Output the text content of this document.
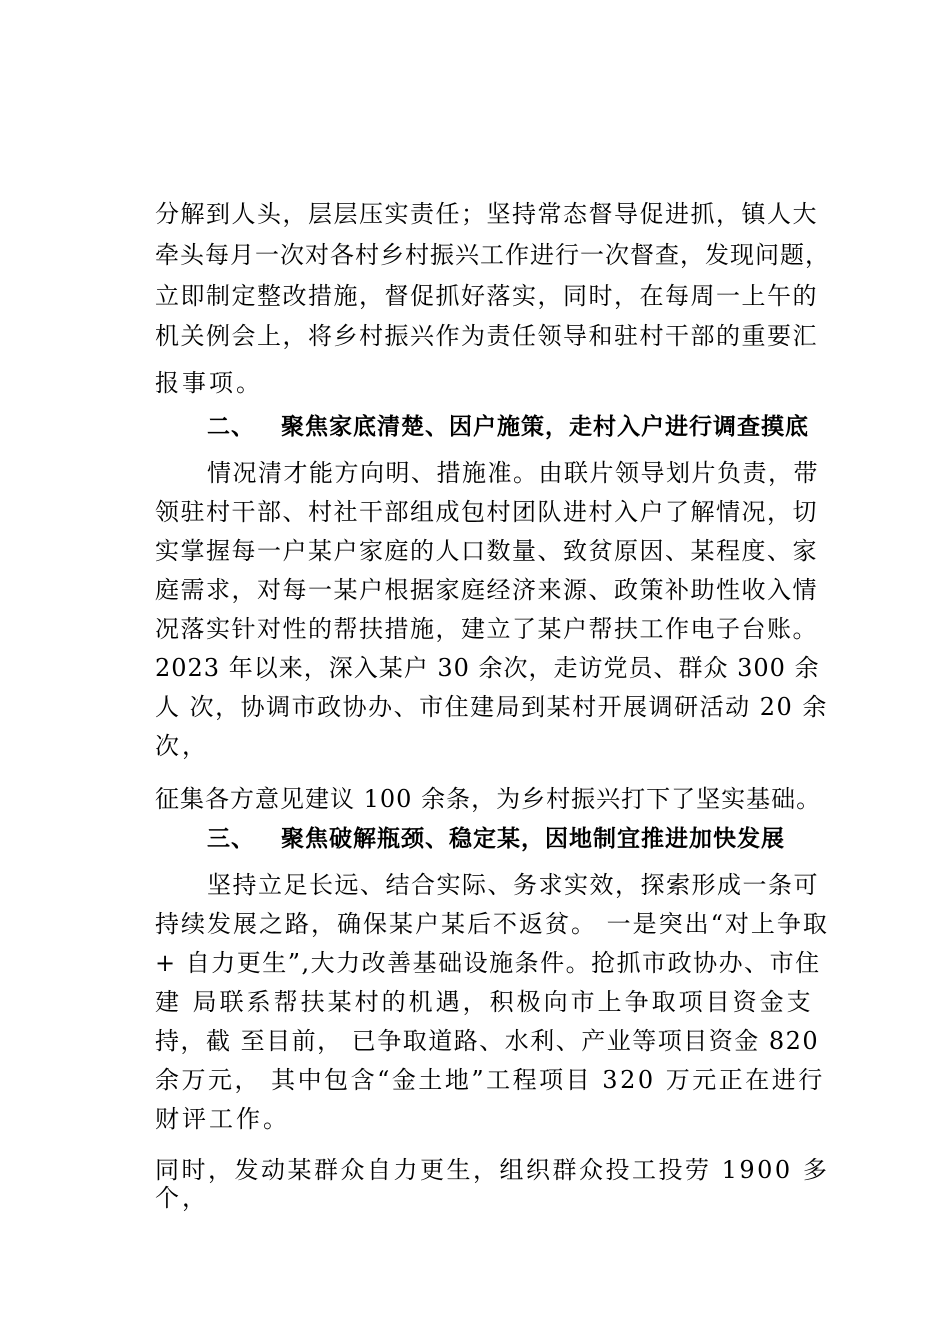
分解到人头，层层压实责任；坚持常态督导促进抓，镇人大
牵头每月一次对各村乡村振兴工作进行一次督查，发现问题，
立即制定整改措施，督促抓好落实，同时，在每周一上午的
机关例会上，将乡村振兴作为责任领导和驻村干部的重要汇
报事项。
二、 聚焦家底清楚、因户施策，走村入户进行调查摸底
情况清才能方向明、措施准。由联片领导划片负责，带
领驻村干部、村社干部组成包村团队进村入户了解情况，切
实掌握每一户某户家庭的人口数量、致贫原因、某程度、家
庭需求，对每一某户根据家庭经济来源、政策补助性收入情
况落实针对性的帮扶措施，建立了某户帮扶工作电子台账。
2023 年以来，深入某户 30 余次，走访党员、群众 300 余
人 次，协调市政协办、市住建局到某村开展调研活动 20 余
次，
征集各方意见建议 100 余条，为乡村振兴打下了坚实基础。
三、 聚焦破解瓶颈、稳定某，因地制宜推进加快发展
坚持立足长远、结合实际、务求实效，探索形成一条可
持续发展之路，确保某户某后不返贫。 一是突出“对上争取
+ 自力更生”,大力改善基础设施条件。抢抓市政协办、市住
建 局联系帮扶某村的机遇，积极向市上争取项目资金支
持，截 至目前， 已争取道路、水利、产业等项目资金 820
余万元， 其中包含“金土地”工程项目 320 万元正在进行
财评工作。
同时，发动某群众自力更生，组织群众投工投劳 1900 多
个，
